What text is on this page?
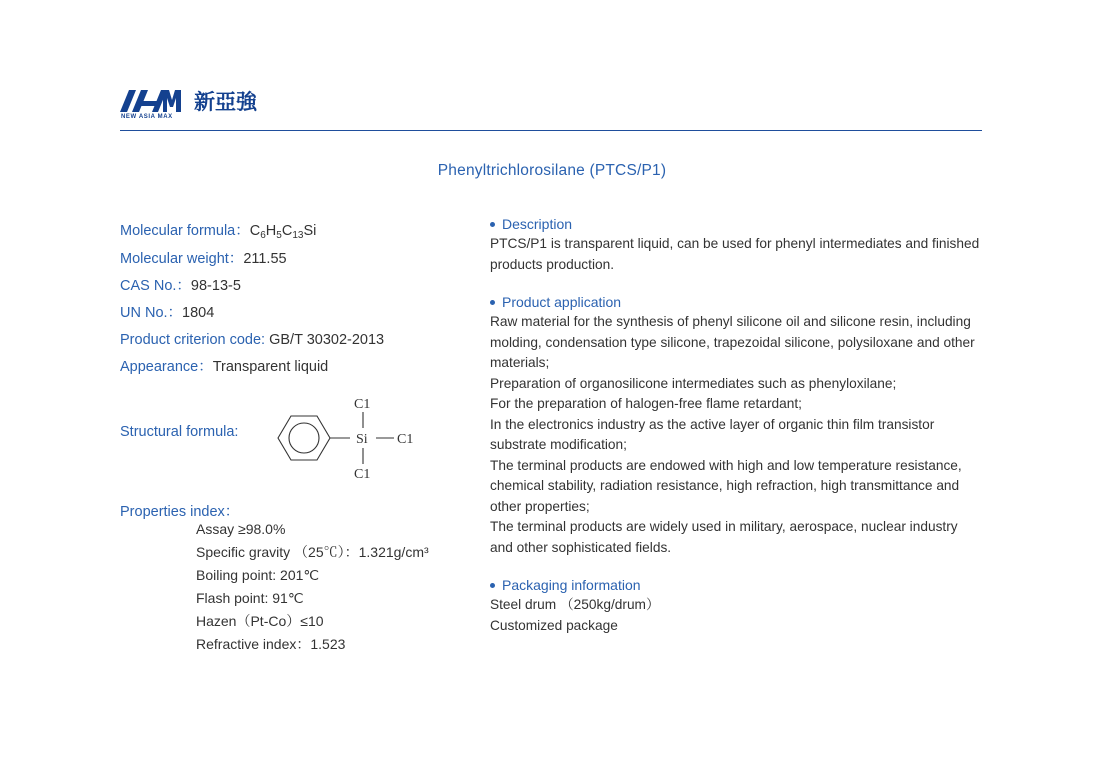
新亞強
NEW ASIA MAX
Phenyltrichlorosilane (PTCS/P1)
Molecular formula：$C_6H_5C_{13}Si$
Molecular weight：211.55
CAS No.：98-13-5
UN No.：1804
Product criterion code: GB/T 30302-2013
Appearance：Transparent liquid
Structural formula:	Si
C1
C1
C1
Properties index：
Assay ≥98.0%
Specific gravity （25℃）：1.321g/cm³
Boiling point: 201℃
Flash point: 91℃
Hazen（Pt-Co）≤10
Refractive index：1.523
Description

PTCS/P1 is transparent liquid, can be used for phenyl intermediates and finished products production.

Product application

Raw material for the synthesis of phenyl silicone oil and silicone resin, including molding, condensation type silicone, trapezoidal silicone, polysiloxane and other materials;

Preparation of organosilicone intermediates such as phenyloxilane;

For the preparation of halogen-free flame retardant;

In the electronics industry as the active layer of organic thin film transistor substrate modification;

The terminal products are endowed with high and low temperature resistance, chemical stability, radiation resistance, high refraction, high transmittance and other properties;

The terminal products are widely used in military, aerospace, nuclear industry and other sophisticated fields.

Packaging information

Steel drum （250kg/drum）

Customized package
